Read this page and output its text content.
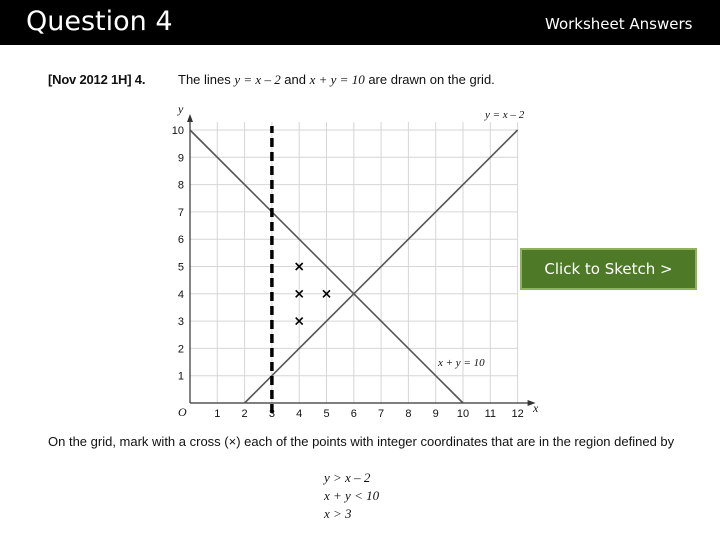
Question 4	Worksheet Answers
[Nov 2012 1H] 4.	The lines y = x – 2 and x + y = 10 are drawn on the grid.
1 2 3 4 5 6 7 8 9 10 11 12
1
2
3
4
5
6
7
8
9
10
O	x
y	y = x – 2
x + y = 10
Click to Sketch >
On the grid, mark with a cross (×) each of the points with integer coordinates that are in the region defined by
y > x – 2
x + y < 10
x > 3
